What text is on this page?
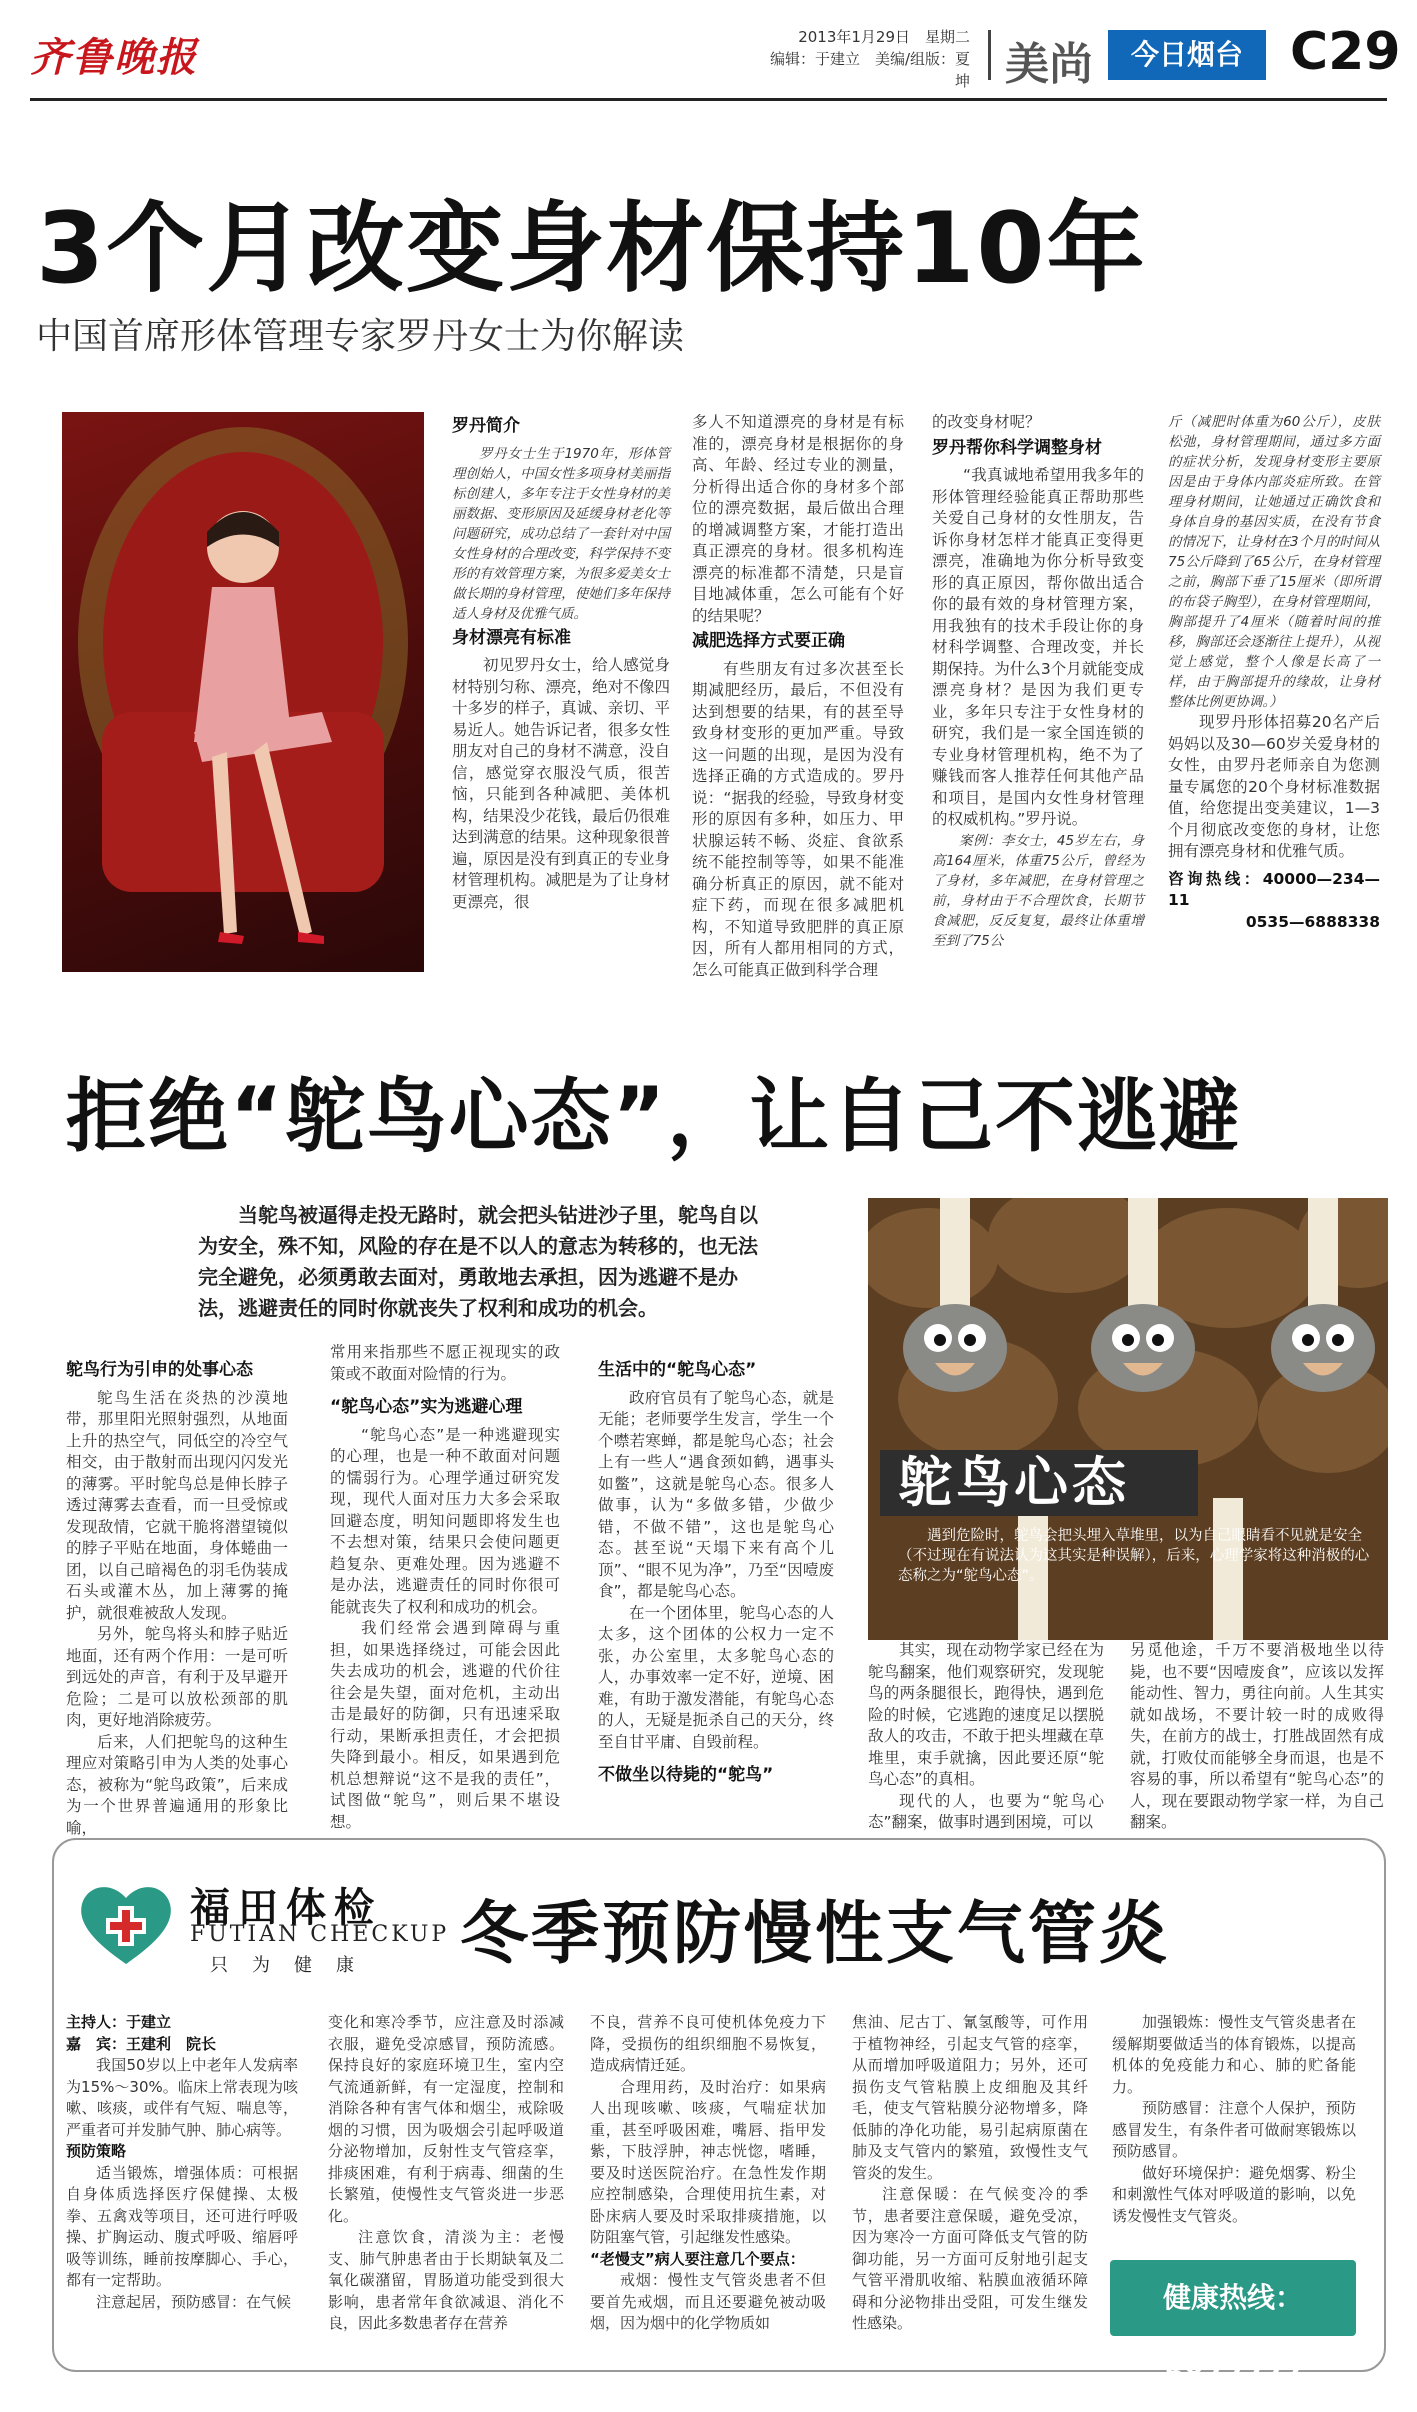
齐鲁晚报	2013年1月29日　星期二
编辑：于建立　美编/组版：夏坤 美尚	今日烟台 C29
3个月改变身材保持10年
中国首席形体管理专家罗丹女士为你解读
罗丹简介

罗丹女士生于1970年，形体管理创始人，中国女性多项身材美丽指标创建人，多年专注于女性身材的美丽数据、变形原因及延缓身材老化等问题研究，成功总结了一套针对中国女性身材的合理改变，科学保持不变形的有效管理方案，为很多爱美女士做长期的身材管理，使她们多年保持适人身材及优雅气质。

身材漂亮有标准

初见罗丹女士，给人感觉身材特别匀称、漂亮，绝对不像四十多岁的样子，真诚、亲切、平易近人。她告诉记者，很多女性朋友对自己的身材不满意，没自信，感觉穿衣服没气质，很苦恼，只能到各种减肥、美体机构，结果没少花钱，最后仍很难达到满意的结果。这种现象很普遍，原因是没有到真正的专业身材管理机构。减肥是为了让身材更漂亮，很

多人不知道漂亮的身材是有标准的，漂亮身材是根据你的身高、年龄、经过专业的测量，分析得出适合你的身材多个部位的漂亮数据，最后做出合理的增减调整方案，才能打造出真正漂亮的身材。很多机构连漂亮的标准都不清楚，只是盲目地减体重，怎么可能有个好的结果呢？

减肥选择方式要正确

有些朋友有过多次甚至长期减肥经历，最后，不但没有达到想要的结果，有的甚至导致身材变形的更加严重。导致这一问题的出现，是因为没有选择正确的方式造成的。罗丹说：“据我的经验，导致身材变形的原因有多种，如压力、甲状腺运转不畅、炎症、食欲系统不能控制等等，如果不能准确分析真正的原因，就不能对症下药，而现在很多减肥机构，不知道导致肥胖的真正原因，所有人都用相同的方式，怎么可能真正做到科学合理

的改变身材呢？

罗丹帮你科学调整身材

“我真诚地希望用我多年的形体管理经验能真正帮助那些关爱自己身材的女性朋友，告诉你身材怎样才能真正变得更漂亮，准确地为你分析导致变形的真正原因，帮你做出适合你的最有效的身材管理方案，用我独有的技术手段让你的身材科学调整、合理改变，并长期保持。为什么3个月就能变成漂亮身材？是因为我们更专业，多年只专注于女性身材的研究，我们是一家全国连锁的专业身材管理机构，绝不为了赚钱而客人推荐任何其他产品和项目，是国内女性身材管理的权威机构。”罗丹说。

案例：李女士，45岁左右，身高164厘米，体重75公斤，曾经为了身材，多年减肥，在身材管理之前，身材由于不合理饮食，长期节食减肥，反反复复，最终让体重增至到了75公

斤（减肥时体重为60公斤），皮肤松弛，身材管理期间，通过多方面的症状分析，发现身材变形主要原因是由于身体内部炎症所致。在管理身材期间，让她通过正确饮食和身体自身的基因实质，在没有节食的情况下，让身材在3个月的时间从75公斤降到了65公斤，在身材管理之前，胸部下垂了15厘米（即所谓的布袋子胸型），在身材管理期间，胸部提升了4厘米（随着时间的推移，胸部还会逐渐往上提升），从视觉上感觉，整个人像是长高了一样，由于胸部提升的缘故，让身材整体比例更协调。）

现罗丹形体招募20名产后妈妈以及30—60岁关爱身材的女性，由罗丹老师亲自为您测量专属您的20个身材标准数据值，给您提出变美建议，1—3个月彻底改变您的身材，让您拥有漂亮身材和优雅气质。

咨询热线：40000—234—11
0535—6888338
拒绝“鸵鸟心态”，让自己不逃避
当鸵鸟被逼得走投无路时，就会把头钻进沙子里，鸵鸟自以为安全，殊不知，风险的存在是不以人的意志为转移的，也无法完全避免，必须勇敢去面对，勇敢地去承担，因为逃避不是办法，逃避责任的同时你就丧失了权利和成功的机会。
鸵鸟心态
遇到危险时，鸵鸟会把头埋入草堆里，以为自己眼睛看不见就是安全（不过现在有说法认为这其实是种误解），后来，心理学家将这种消极的心态称之为“鸵鸟心态”。
鸵鸟行为引申的处事心态

鸵鸟生活在炎热的沙漠地带，那里阳光照射强烈，从地面上升的热空气，同低空的冷空气相交，由于散射而出现闪闪发光的薄雾。平时鸵鸟总是伸长脖子透过薄雾去查看，而一旦受惊或发现敌情，它就干脆将潜望镜似的脖子平贴在地面，身体蜷曲一团，以自己暗褐色的羽毛伪装成石头或灌木丛，加上薄雾的掩护，就很难被敌人发现。

另外，鸵鸟将头和脖子贴近地面，还有两个作用：一是可听到远处的声音，有利于及早避开危险；二是可以放松颈部的肌肉，更好地消除疲劳。

后来，人们把鸵鸟的这种生理应对策略引申为人类的处事心态，被称为“鸵鸟政策”，后来成为一个世界普遍通用的形象比喻，

常用来指那些不愿正视现实的政策或不敢面对险情的行为。

“鸵鸟心态”实为逃避心理

“鸵鸟心态”是一种逃避现实的心理，也是一种不敢面对问题的懦弱行为。心理学通过研究发现，现代人面对压力大多会采取回避态度，明知问题即将发生也不去想对策，结果只会使问题更趋复杂、更难处理。因为逃避不是办法，逃避责任的同时你很可能就丧失了权利和成功的机会。

我们经常会遇到障碍与重担，如果选择绕过，可能会因此失去成功的机会，逃避的代价往往会是失望，面对危机，主动出击是最好的防御，只有迅速采取行动，果断承担责任，才会把损失降到最小。相反，如果遇到危机总想辩说“这不是我的责任”，试图做“鸵鸟”，则后果不堪设想。

生活中的“鸵鸟心态”

政府官员有了鸵鸟心态，就是无能；老师要学生发言，学生一个个噤若寒蝉，都是鸵鸟心态；社会上有一些人“遇食颈如鹤，遇事头如鳖”，这就是鸵鸟心态。很多人做事，认为“多做多错，少做少错，不做不错”，这也是鸵鸟心态。甚至说“天塌下来有高个儿顶”、“眼不见为净”，乃至“因噎废食”，都是鸵鸟心态。

在一个团体里，鸵鸟心态的人太多，这个团体的公权力一定不张，办公室里，太多鸵鸟心态的人，办事效率一定不好，逆境、困难，有助于激发潜能，有鸵鸟心态的人，无疑是扼杀自己的天分，终至自甘平庸、自毁前程。

不做坐以待毙的“鸵鸟”

其实，现在动物学家已经在为鸵鸟翻案，他们观察研究，发现鸵鸟的两条腿很长，跑得快，遇到危险的时候，它逃跑的速度足以摆脱敌人的攻击，不敢于把头埋藏在草堆里，束手就擒，因此要还原“鸵鸟心态”的真相。

现代的人，也要为“鸵鸟心态”翻案，做事时遇到困境，可以

另觅他途，千万不要消极地坐以待毙，也不要“因噎废食”，应该以发挥能动性、智力，勇往向前。人生其实就如战场，不要计较一时的成败得失，在前方的战士，打胜战固然有成就，打败仗而能够全身而退，也是不容易的事，所以希望有“鸵鸟心态”的人，现在要跟动物学家一样，为自己翻案。

福田体检
FUTIAN CHECKUP
只为健康 冬季预防慢性支气管炎
主持人：于建立
嘉　宾：王建利　院长

我国50岁以上中老年人发病率为15%～30%。临床上常表现为咳嗽、咳痰，或伴有气短、喘息等，严重者可并发肺气肿、肺心病等。

预防策略

适当锻炼，增强体质：可根据自身体质选择医疗保健操、太极拳、五禽戏等项目，还可进行呼吸操、扩胸运动、腹式呼吸、缩唇呼吸等训练，睡前按摩脚心、手心，都有一定帮助。

注意起居，预防感冒：在气候

变化和寒冷季节，应注意及时添减衣服，避免受凉感冒，预防流感。保持良好的家庭环境卫生，室内空气流通新鲜，有一定湿度，控制和消除各种有害气体和烟尘，戒除吸烟的习惯，因为吸烟会引起呼吸道分泌物增加，反射性支气管痉挛，排痰困难，有利于病毒、细菌的生长繁殖，使慢性支气管炎进一步恶化。

注意饮食，清淡为主：老慢支、肺气肿患者由于长期缺氧及二氧化碳潴留，胃肠道功能受到很大影响，患者常年食欲减退、消化不良，因此多数患者存在营养

不良，营养不良可使机体免疫力下降，受损伤的组织细胞不易恢复，造成病情迁延。

合理用药，及时治疗：如果病人出现咳嗽、咳痰，气喘症状加重，甚至呼吸困难，嘴唇、指甲发紫，下肢浮肿，神志恍惚，嗜睡，要及时送医院治疗。在急性发作期应控制感染，合理使用抗生素，对卧床病人要及时采取排痰措施，以防阻塞气管，引起继发性感染。

“老慢支”病人要注意几个要点：

戒烟：慢性支气管炎患者不但要首先戒烟，而且还要避免被动吸烟，因为烟中的化学物质如

焦油、尼古丁、氰氢酸等，可作用于植物神经，引起支气管的痉挛，从而增加呼吸道阻力；另外，还可损伤支气管粘膜上皮细胞及其纤毛，使支气管粘膜分泌物增多，降低肺的净化功能，易引起病原菌在肺及支气管内的繁殖，致慢性支气管炎的发生。

注意保暖：在气候变冷的季节，患者要注意保暖，避免受凉，因为寒冷一方面可降低支气管的防御功能，另一方面可反射地引起支气管平滑肌收缩、粘膜血液循环障碍和分泌物排出受阻，可发生继发性感染。

加强锻炼：慢性支气管炎患者在缓解期要做适当的体育锻炼，以提高机体的免疫能力和心、肺的贮备能力。

预防感冒：注意个人保护，预防感冒发生，有条件者可做耐寒锻炼以预防感冒。

做好环境保护：避免烟雾、粉尘和刺激性气体对呼吸道的影响，以免诱发慢性支气管炎。

健康热线：6872222
